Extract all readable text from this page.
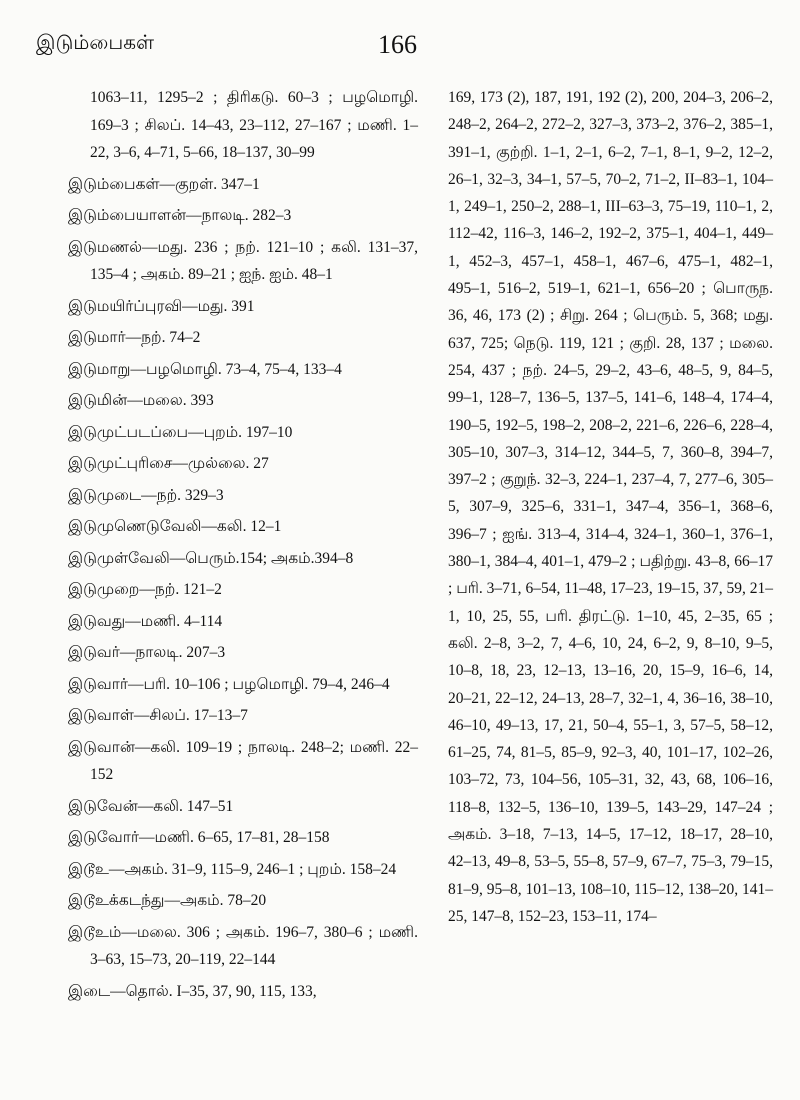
இடும்பைகள்	166
1063–11, 1295–2 ; திரிகடு. 60–3 ; பழமொழி. 169–3 ; சிலப். 14–43, 23–112, 27–167 ; மணி. 1–22, 3–6, 4–71, 5–66, 18–137, 30–99
இடும்பைகள்—குறள். 347–1
இடும்பையாளன்—நாலடி. 282–3
இடுமணல்—மது. 236 ; நற். 121–10 ; கலி. 131–37, 135–4 ; அகம். 89–21 ; ஐந். ஐம். 48–1
இடுமயிர்ப்புரவி—மது. 391
இடுமார்—நற். 74–2
இடுமாறு—பழமொழி. 73–4, 75–4, 133–4
இடுமின்—மலை. 393
இடுமுட்படப்பை—புறம். 197–10
இடுமுட்புரிசை—முல்லை. 27
இடுமுடை—நற். 329–3
இடுமுணெடுவேலி—கலி. 12–1
இடுமுள்வேலி—பெரும்.154; அகம்.394–8
இடுமுறை—நற். 121–2
இடுவது—மணி. 4–114
இடுவர்—நாலடி. 207–3
இடுவார்—பரி. 10–106 ; பழமொழி. 79–4, 246–4
இடுவாள்—சிலப். 17–13–7
இடுவான்—கலி. 109–19 ; நாலடி. 248–2; மணி. 22–152
இடுவேன்—கலி. 147–51
இடுவோர்—மணி. 6–65, 17–81, 28–158
இடூஉ—அகம். 31–9, 115–9, 246–1 ; புறம். 158–24
இடூஉக்கடந்து—அகம். 78–20
இடூஉம்—மலை. 306 ; அகம். 196–7, 380–6 ; மணி. 3–63, 15–73, 20–119, 22–144
இடை—தொல். I–35, 37, 90, 115, 133,
169, 173 (2), 187, 191, 192 (2), 200, 204–3, 206–2, 248–2, 264–2, 272–2, 327–3, 373–2, 376–2, 385–1, 391–1, குற்றி. 1–1, 2–1, 6–2, 7–1, 8–1, 9–2, 12–2, 26–1, 32–3, 34–1, 57–5, 70–2, 71–2, II–83–1, 104–1, 249–1, 250–2, 288–1, III–63–3, 75–19, 110–1, 2, 112–42, 116–3, 146–2, 192–2, 375–1, 404–1, 449–1, 452–3, 457–1, 458–1, 467–6, 475–1, 482–1, 495–1, 516–2, 519–1, 621–1, 656–20 ; பொருந. 36, 46, 173 (2) ; சிறு. 264 ; பெரும். 5, 368; மது. 637, 725; நெடு. 119, 121 ; குறி. 28, 137 ; மலை. 254, 437 ; நற். 24–5, 29–2, 43–6, 48–5, 9, 84–5, 99–1, 128–7, 136–5, 137–5, 141–6, 148–4, 174–4, 190–5, 192–5, 198–2, 208–2, 221–6, 226–6, 228–4, 305–10, 307–3, 314–12, 344–5, 7, 360–8, 394–7, 397–2 ; குறுந். 32–3, 224–1, 237–4, 7, 277–6, 305–5, 307–9, 325–6, 331–1, 347–4, 356–1, 368–6, 396–7 ; ஐங். 313–4, 314–4, 324–1, 360–1, 376–1, 380–1, 384–4, 401–1, 479–2 ; பதிற்று. 43–8, 66–17 ; பரி. 3–71, 6–54, 11–48, 17–23, 19–15, 37, 59, 21–1, 10, 25, 55, பரி. திரட்டு. 1–10, 45, 2–35, 65 ; கலி. 2–8, 3–2, 7, 4–6, 10, 24, 6–2, 9, 8–10, 9–5, 10–8, 18, 23, 12–13, 13–16, 20, 15–9, 16–6, 14, 20–21, 22–12, 24–13, 28–7, 32–1, 4, 36–16, 38–10, 46–10, 49–13, 17, 21, 50–4, 55–1, 3, 57–5, 58–12, 61–25, 74, 81–5, 85–9, 92–3, 40, 101–17, 102–26, 103–72, 73, 104–56, 105–31, 32, 43, 68, 106–16, 118–8, 132–5, 136–10, 139–5, 143–29, 147–24 ; அகம். 3–18, 7–13, 14–5, 17–12, 18–17, 28–10, 42–13, 49–8, 53–5, 55–8, 57–9, 67–7, 75–3, 79–15, 81–9, 95–8, 101–13, 108–10, 115–12, 138–20, 141–25, 147–8, 152–23, 153–11, 174–
